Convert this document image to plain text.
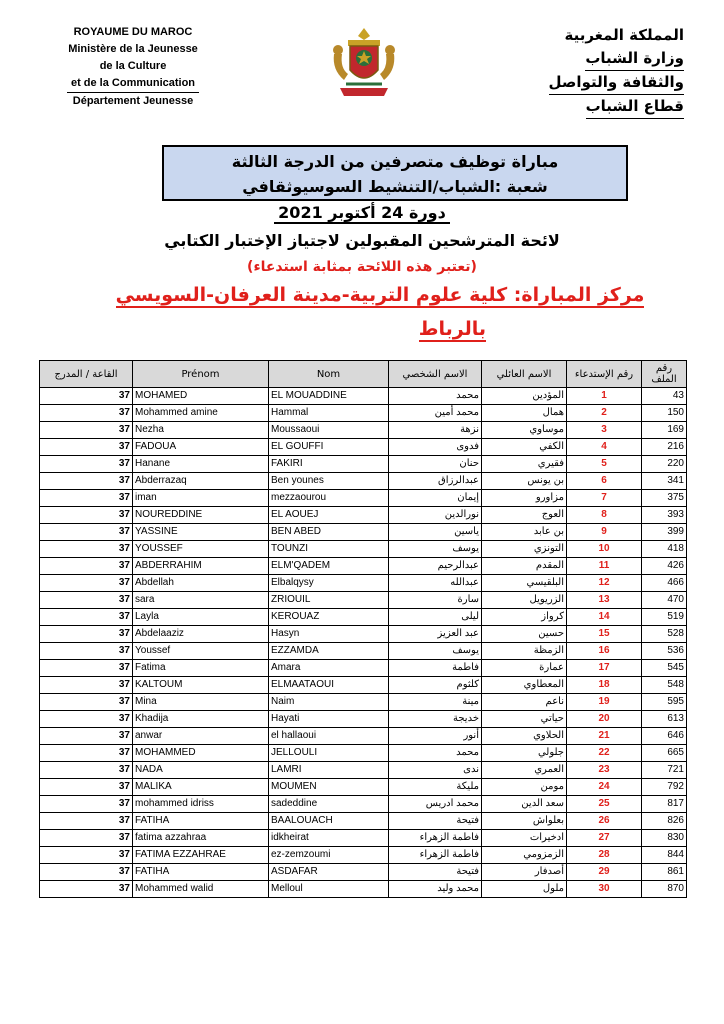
ROYAUME DU MAROC
Ministère de la Jeunesse
de la Culture
et de la Communication
Département Jeunesse
المملكة المغربية
وزارة الشباب
والثقافة والتواصل
قطاع الشباب
مباراة توظيف متصرفين من الدرجة الثالثة
شعبة :الشباب/التنشيط السوسيوثقافي
دورة 24 أكتوبر 2021
لائحة المترشحين المقبولين لاجتياز الإختبار الكتابي
(تعتبر هذه اللائحة بمثابة استدعاء)
مركز المباراة: كلية علوم التربية-مدينة العرفان-السويسي
بالرباط
القاعة / المدرج	Prénom	Nom	الاسم الشخصي	الاسم العائلي	رقم الإستدعاء	رقم الملف
37	MOHAMED	EL MOUADDINE	محمد	المؤدين	1	43
37	Mohammed amine	Hammal	محمد أمين	همال	2	150
37	Nezha	Moussaoui	نزهة	موساوي	3	169
37	FADOUA	EL GOUFFI	فدوى	الكفي	4	216
37	Hanane	FAKIRI	حنان	فقيري	5	220
37	Abderrazaq	Ben younes	عبدالرزاق	بن يونس	6	341
37	iman	mezzaourou	إيمان	مزاورو	7	375
37	NOUREDDINE	EL AOUEJ	نورالدين	العوج	8	393
37	YASSINE	BEN ABED	ياسين	بن عابد	9	399
37	YOUSSEF	TOUNZI	يوسف	التونزي	10	418
37	ABDERRAHIM	ELM'QADEM	عبدالرحيم	المقدم	11	426
37	Abdellah	Elbalqysy	عبدالله	البلقيسي	12	466
37	sara	ZRIOUIL	سارة	الزريويل	13	470
37	Layla	KEROUAZ	ليلى	كرواز	14	519
37	Abdelaaziz	Hasyn	عبد العزيز	حسين	15	528
37	Youssef	EZZAMDA	يوسف	الزمظة	16	536
37	Fatima	Amara	فاطمة	عمارة	17	545
37	KALTOUM	ELMAATAOUI	كلثوم	المعطاوي	18	548
37	Mina	Naim	مينة	ناعم	19	595
37	Khadija	Hayati	خديجة	حياتي	20	613
37	anwar	el hallaoui	أنور	الحلاوي	21	646
37	MOHAMMED	JELLOULI	محمد	جلولي	22	665
37	NADA	LAMRI	ندى	العمري	23	721
37	MALIKA	MOUMEN	مليكة	مومن	24	792
37	mohammed idriss	sadeddine	محمد ادريس	سعد الدين	25	817
37	FATIHA	BAALOUACH	فتيحة	بعلواش	26	826
37	fatima azzahraa	idkheirat	فاطمة الزهراء	ادخيرات	27	830
37	FATIMA EZZAHRAE	ez-zemzoumi	فاطمة الزهراء	الزمزومي	28	844
37	FATIHA	ASDAFAR	فتيحة	أصدفار	29	861
37	Mohammed walid	Melloul	محمد وليد	ملول	30	870
